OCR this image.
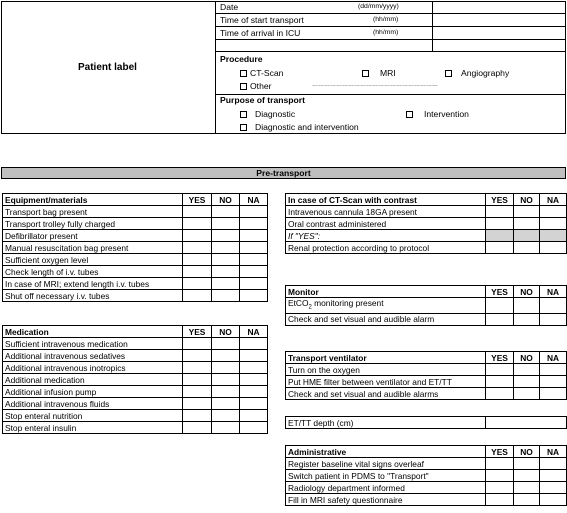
Patient label
Date	(dd/mm/yyyy)
Time of start transport	(hh/mm)
Time of arrival in ICU	(hh/mm)
Procedure
CT-Scan	MRI	Angiography
Other	………………………………………………………
Purpose of transport
Diagnostic	Intervention
Diagnostic and intervention
Pre-transport
Equipment/materials	YES	NO	NA
Transport bag present			
Transport trolley fully charged			
Defibrillator present			
Manual resuscitation bag present			
Sufficient oxygen level			
Check length of i.v. tubes			
In case of MRI; extend length i.v. tubes			
Shut off necessary i.v. tubes			
Medication	YES	NO	NA
Sufficient intravenous medication			
Additional intravenous sedatives			
Additional intravenous inotropics			
Additional medication			
Additional infusion pump			
Additional intravenous fluids			
Stop enteral nutrition			
Stop enteral insulin			
In case of CT-Scan with contrast	YES	NO	NA
Intravenous cannula 18GA present			
Oral contrast administered			
If "YES":			
Renal protection according to protocol			
Monitor	YES	NO	NA
EtCO$_2$ monitoring present			
Check and set visual and audible alarm			
Transport ventilator	YES	NO	NA
Turn on the oxygen			
Put HME filter between ventilator and ET/TT			
Check and set visual and audible alarms			
ET/TT depth (cm)	
Administrative	YES	NO	NA
Register baseline vital signs overleaf			
Switch patient in PDMS to "Transport"			
Radiology department informed			
Fill in MRI safety questionnaire			
